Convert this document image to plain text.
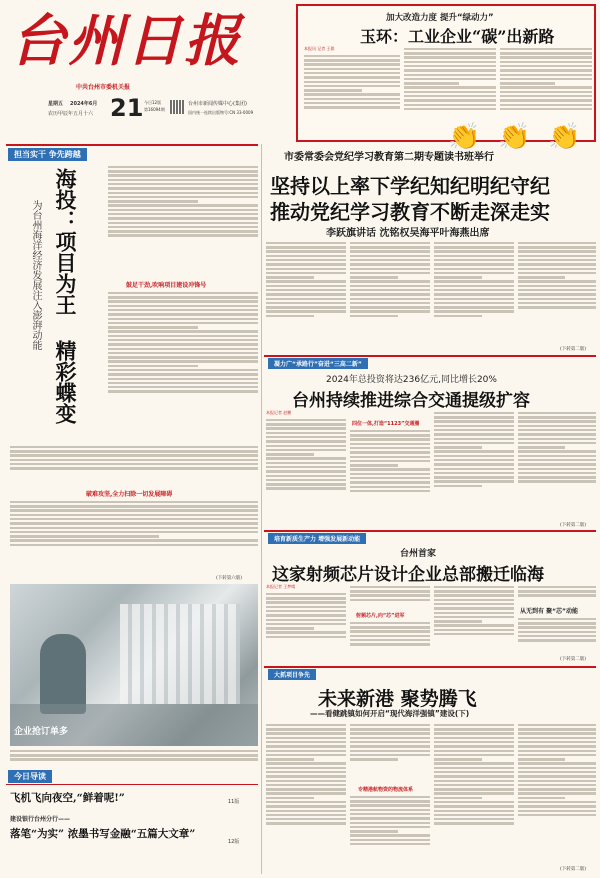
台州日报
中共台州市委机关报
星期五 2024年6月
农历甲辰年五月十六 21 今日12版
第16094期
台州市新闻传媒中心(集团)
国内统一连续出版物号:CN 33-0009
加大改造力度 提升“绿动力”
玉环：工业企业“碳”出新路
本报讯 记者 王骐
👏 👏 👏
担当实干 争先跨越
海投：项目为王 精彩蝶变
为台州海洋经济发展注入澎湃动能	鼓足干劲,吹响项目建设冲锋号
破难攻坚,全力扫除一切发展障碍
(下转第六版)
企业抢订单多
今日导读
飞机飞向夜空,“鲜着呢!”	11版
建设银行台州分行——
落笔“为实” 浓墨书写金融“五篇大文章”
12版
市委常委会党纪学习教育第二期专题读书班举行
坚持以上率下学纪知纪明纪守纪
推动党纪学习教育不断走深走实
李跃旗讲话 沈铭权吴海平叶海燕出席
(下转第二版)
凝力广“承路行”奋进“三高二新”
2024年总投资将达236亿元,同比增长20%
台州持续推进综合交通提级扩容
本报记者 赵鹏
四位一体,打造“1123”交通圈
(下转第二版)
培育新质生产力 增强发展新动能
台州首家
这家射频芯片设计企业总部搬迁临海
本报记者 王梦晴
射频芯片,向“芯”进军
从无到有 聚“芯”动能
(下转第二版)
大抓项目争先
未来新港 聚势腾飞
——看健跳镇如何开启“现代海洋强镇”建设(下)
专精港航物资的物流体系
(下转第二版)
